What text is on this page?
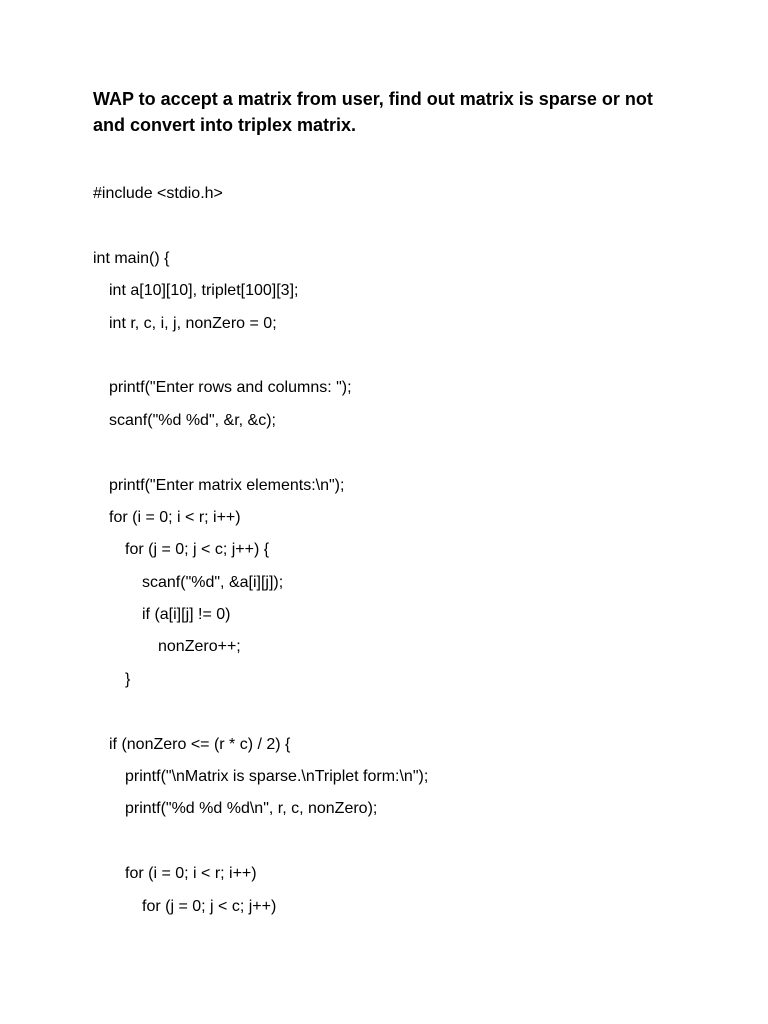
WAP to accept a matrix from user, find out matrix is sparse or not
and convert into triplex matrix.
#include <stdio.h>
int main() {
int a[10][10], triplet[100][3];
int r, c, i, j, nonZero = 0;
printf("Enter rows and columns: ");
scanf("%d %d", &r, &c);
printf("Enter matrix elements:\n");
for (i = 0; i < r; i++)
for (j = 0; j < c; j++) {
scanf("%d", &a[i][j]);
if (a[i][j] != 0)
nonZero++;
}
if (nonZero <= (r * c) / 2) {
printf("\nMatrix is sparse.\nTriplet form:\n");
printf("%d %d %d\n", r, c, nonZero);
for (i = 0; i < r; i++)
for (j = 0; j < c; j++)
